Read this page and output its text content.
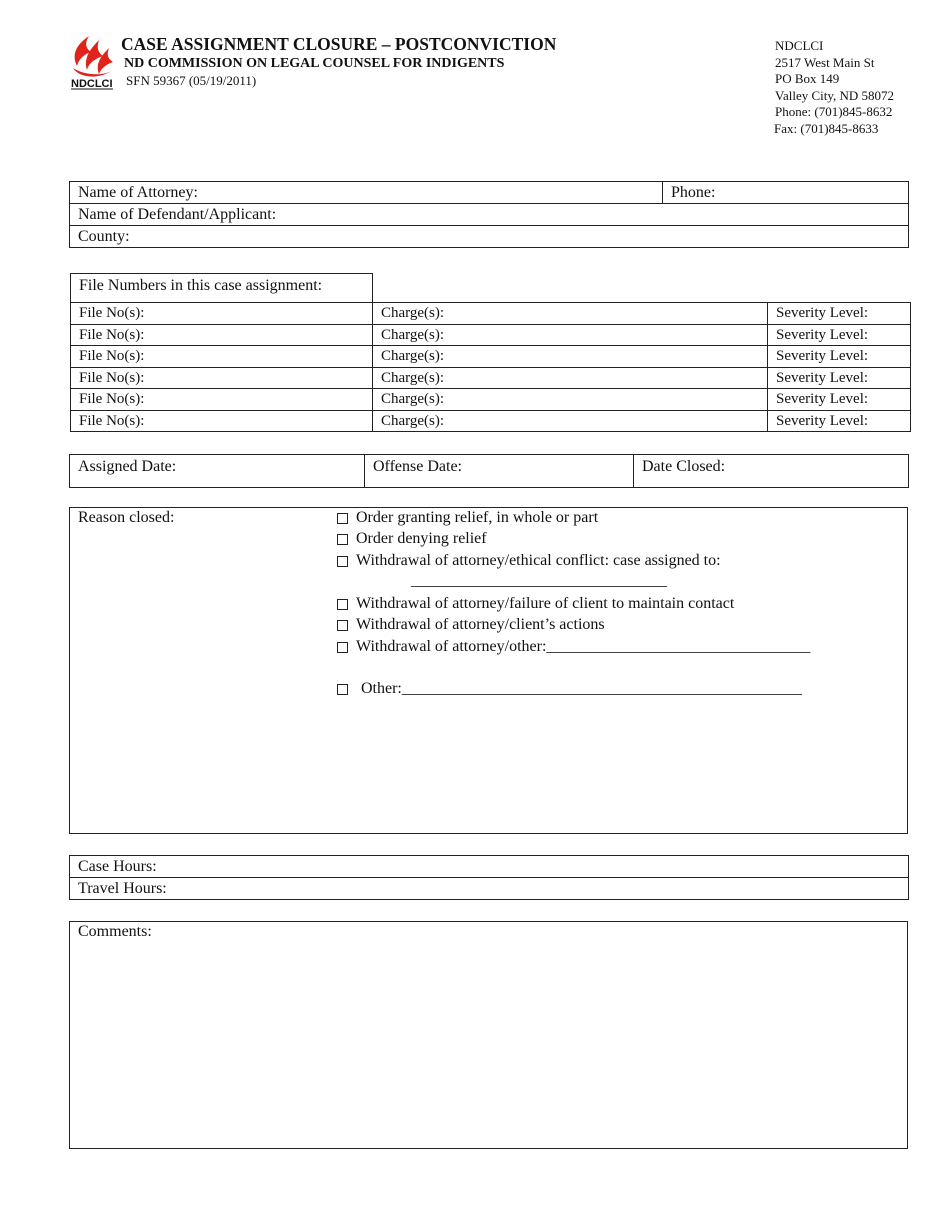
NDCLCI
CASE ASSIGNMENT CLOSURE – POSTCONVICTION
ND COMMISSION ON LEGAL COUNSEL FOR INDIGENTS
SFN 59367 (05/19/2011)
NDCLCI
2517 West Main St
PO Box 149
Valley City, ND 58072
Phone: (701)845-8632
Fax: (701)845-8633
Name of Attorney:	Phone:
Name of Defendant/Applicant:
County:
File Numbers in this case assignment:
File No(s):	Charge(s):	Severity Level:
File No(s):	Charge(s):	Severity Level:
File No(s):	Charge(s):	Severity Level:
File No(s):	Charge(s):	Severity Level:
File No(s):	Charge(s):	Severity Level:
File No(s):	Charge(s):	Severity Level:
Assigned Date:	Offense Date:	Date Closed:
Reason closed:	Order granting relief, in whole or part
Order denying relief
Withdrawal of attorney/ethical conflict: case assigned to:
________________________________
Withdrawal of attorney/failure of client to maintain contact
Withdrawal of attorney/client’s actions
Withdrawal of attorney/other:_________________________________
Other:__________________________________________________
Case Hours:
Travel Hours:
Comments:
